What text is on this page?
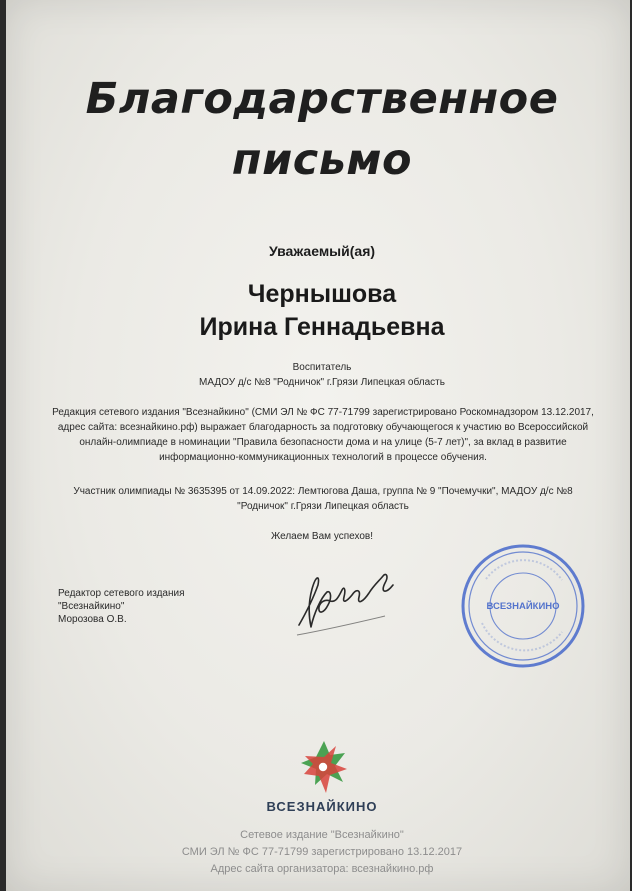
Благодарственное
письмо
Уважаемый(ая)
Чернышова
Ирина Геннадьевна
Воспитатель
МАДОУ д/с №8 "Родничок" г.Грязи Липецкая область
Редакция сетевого издания "Всезнайкино" (СМИ ЭЛ № ФС 77-71799 зарегистрировано Роскомнадзором 13.12.2017, адрес сайта: всезнайкино.рф) выражает благодарность за подготовку обучающегося к участию во Всероссийской онлайн-олимпиаде в номинации "Правила безопасности дома и на улице (5-7 лет)", за вклад в развитие информационно-коммуникационных технологий в процессе обучения.
Участник олимпиады № 3635395 от 14.09.2022: Лемтюгова Даша, группа № 9 "Почемучки", МАДОУ д/с №8 "Родничок" г.Грязи Липецкая область
Желаем Вам успехов!
Редактор сетевого издания
"Всезнайкино"
Морозова О.В.
ВСЕЗНАЙКИНО
ВСЕЗНАЙКИНО
Сетевое издание "Всезнайкино"
СМИ ЭЛ № ФС 77-71799 зарегистрировано 13.12.2017
Адрес сайта организатора: всезнайкино.рф
